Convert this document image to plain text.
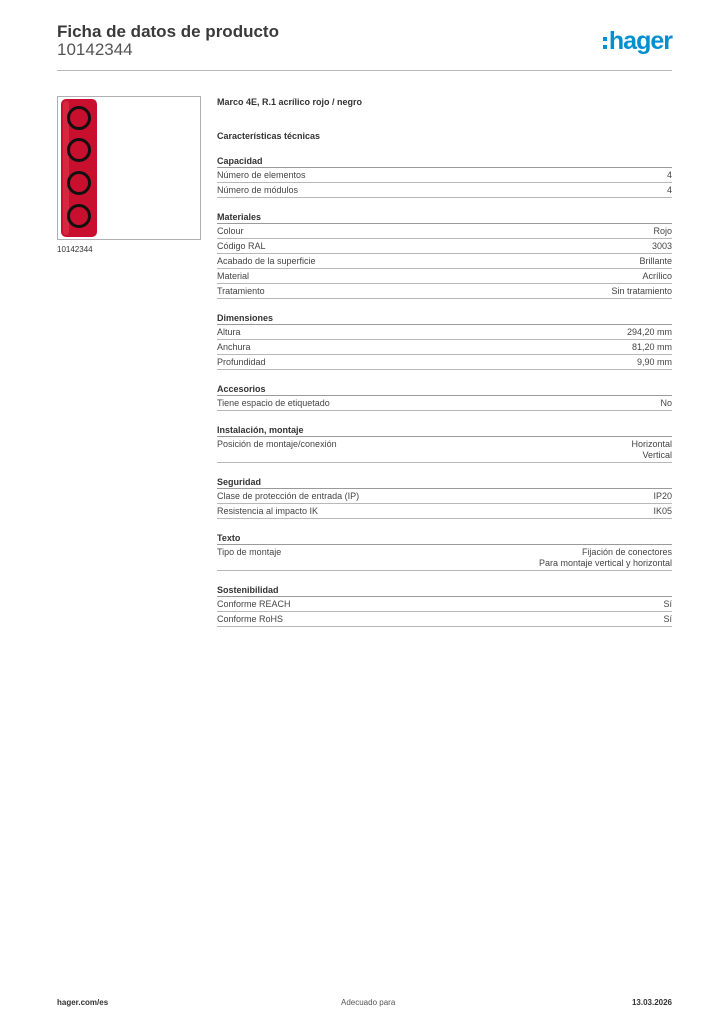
Ficha de datos de producto
10142344	hager
10142344
Marco 4E, R.1 acrílico rojo / negro
Características técnicas
Capacidad
Número de elementos	4
Número de módulos	4
Materiales
Colour	Rojo
Código RAL	3003
Acabado de la superficie	Brillante
Material	Acrílico
Tratamiento	Sin tratamiento
Dimensiones
Altura	294,20 mm
Anchura	81,20 mm
Profundidad	9,90 mm
Accesorios
Tiene espacio de etiquetado	No
Instalación, montaje
Posición de montaje/conexión	Horizontal
Vertical
Seguridad
Clase de protección de entrada (IP)	IP20
Resistencia al impacto IK	IK05
Texto
Tipo de montaje	Fijación de conectores
Para montaje vertical y horizontal
Sostenibilidad
Conforme REACH	Sí
Conforme RoHS	Sí
hager.com/es	Adecuado para	13.03.2026
